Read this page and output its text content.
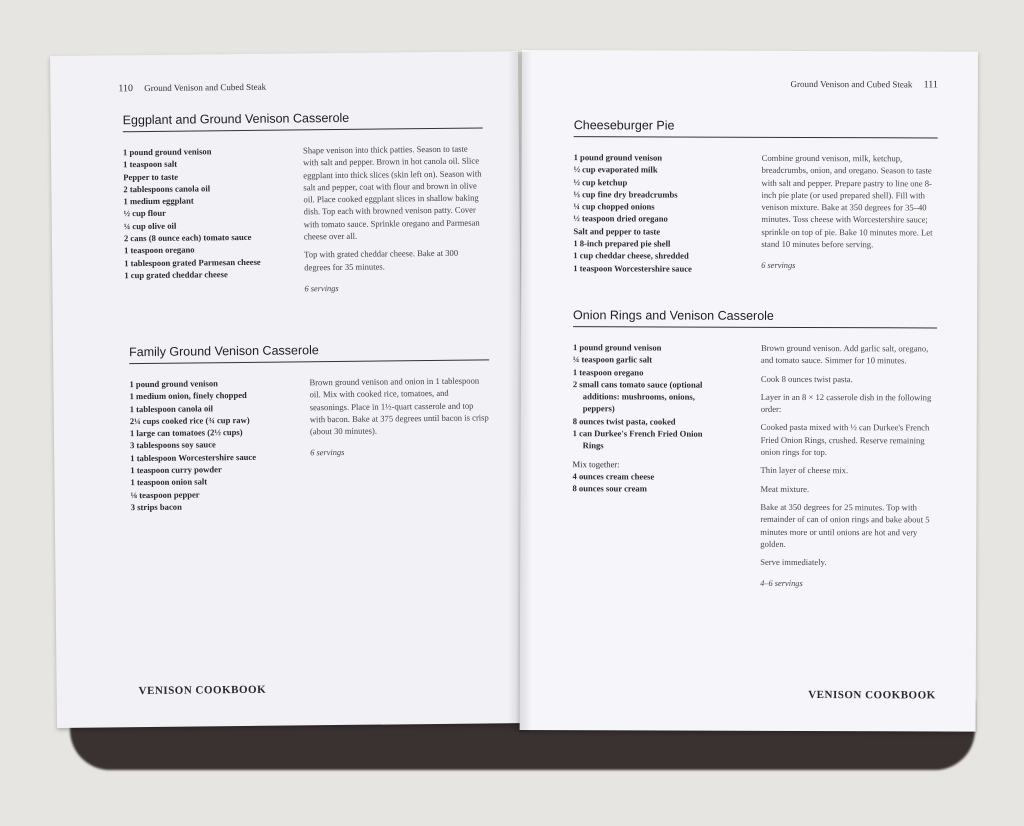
110 Ground Venison and Cubed Steak
Eggplant and Ground Venison Casserole
1 pound ground venison
1 teaspoon salt
Pepper to taste
2 tablespoons canola oil
1 medium eggplant
½ cup flour
¼ cup olive oil
2 cans (8 ounce each) tomato sauce
1 teaspoon oregano
1 tablespoon grated Parmesan cheese
1 cup grated cheddar cheese

Shape venison into thick patties. Season to taste with salt and pepper. Brown in hot canola oil. Slice eggplant into thick slices (skin left on). Season with salt and pepper, coat with flour and brown in olive oil. Place cooked eggplant slices in shallow baking dish. Top each with browned venison patty. Cover with tomato sauce. Sprinkle oregano and Parmesan cheese over all.

Top with grated cheddar cheese. Bake at 300 degrees for 35 minutes.

6 servings
Family Ground Venison Casserole
1 pound ground venison
1 medium onion, finely chopped
1 tablespoon canola oil
2¼ cups cooked rice (¾ cup raw)
1 large can tomatoes (2½ cups)
3 tablespoons soy sauce
1 tablespoon Worcestershire sauce
1 teaspoon curry powder
1 teaspoon onion salt
⅛ teaspoon pepper
3 strips bacon

Brown ground venison and onion in 1 tablespoon oil. Mix with cooked rice, tomatoes, and seasonings. Place in 1½-quart casserole and top with bacon. Bake at 375 degrees until bacon is crisp (about 30 minutes).

6 servings
VENISON COOKBOOK
Ground Venison and Cubed Steak 111
Cheeseburger Pie
1 pound ground venison
½ cup evaporated milk
½ cup ketchup
⅓ cup fine dry breadcrumbs
¼ cup chopped onions
½ teaspoon dried oregano
Salt and pepper to taste
1 8-inch prepared pie shell
1 cup cheddar cheese, shredded
1 teaspoon Worcestershire sauce

Combine ground venison, milk, ketchup, breadcrumbs, onion, and oregano. Season to taste with salt and pepper. Prepare pastry to line one 8-inch pie plate (or used prepared shell). Fill with venison mixture. Bake at 350 degrees for 35–40 minutes. Toss cheese with Worcestershire sauce; sprinkle on top of pie. Bake 10 minutes more. Let stand 10 minutes before serving.

6 servings
Onion Rings and Venison Casserole
1 pound ground venison
¼ teaspoon garlic salt
1 teaspoon oregano
2 small cans tomato sauce (optional
additions: mushrooms, onions,
peppers)
8 ounces twist pasta, cooked
1 can Durkee's French Fried Onion
Rings
Mix together:
4 ounces cream cheese
8 ounces sour cream

Brown ground venison. Add garlic salt, oregano, and tomato sauce. Simmer for 10 minutes.

Cook 8 ounces twist pasta.

Layer in an 8 × 12 casserole dish in the following order:

Cooked pasta mixed with ½ can Durkee's French Fried Onion Rings, crushed. Reserve remaining onion rings for top.

Thin layer of cheese mix.

Meat mixture.

Bake at 350 degrees for 25 minutes. Top with remainder of can of onion rings and bake about 5 minutes more or until onions are hot and very golden.

Serve immediately.

4–6 servings
VENISON COOKBOOK
